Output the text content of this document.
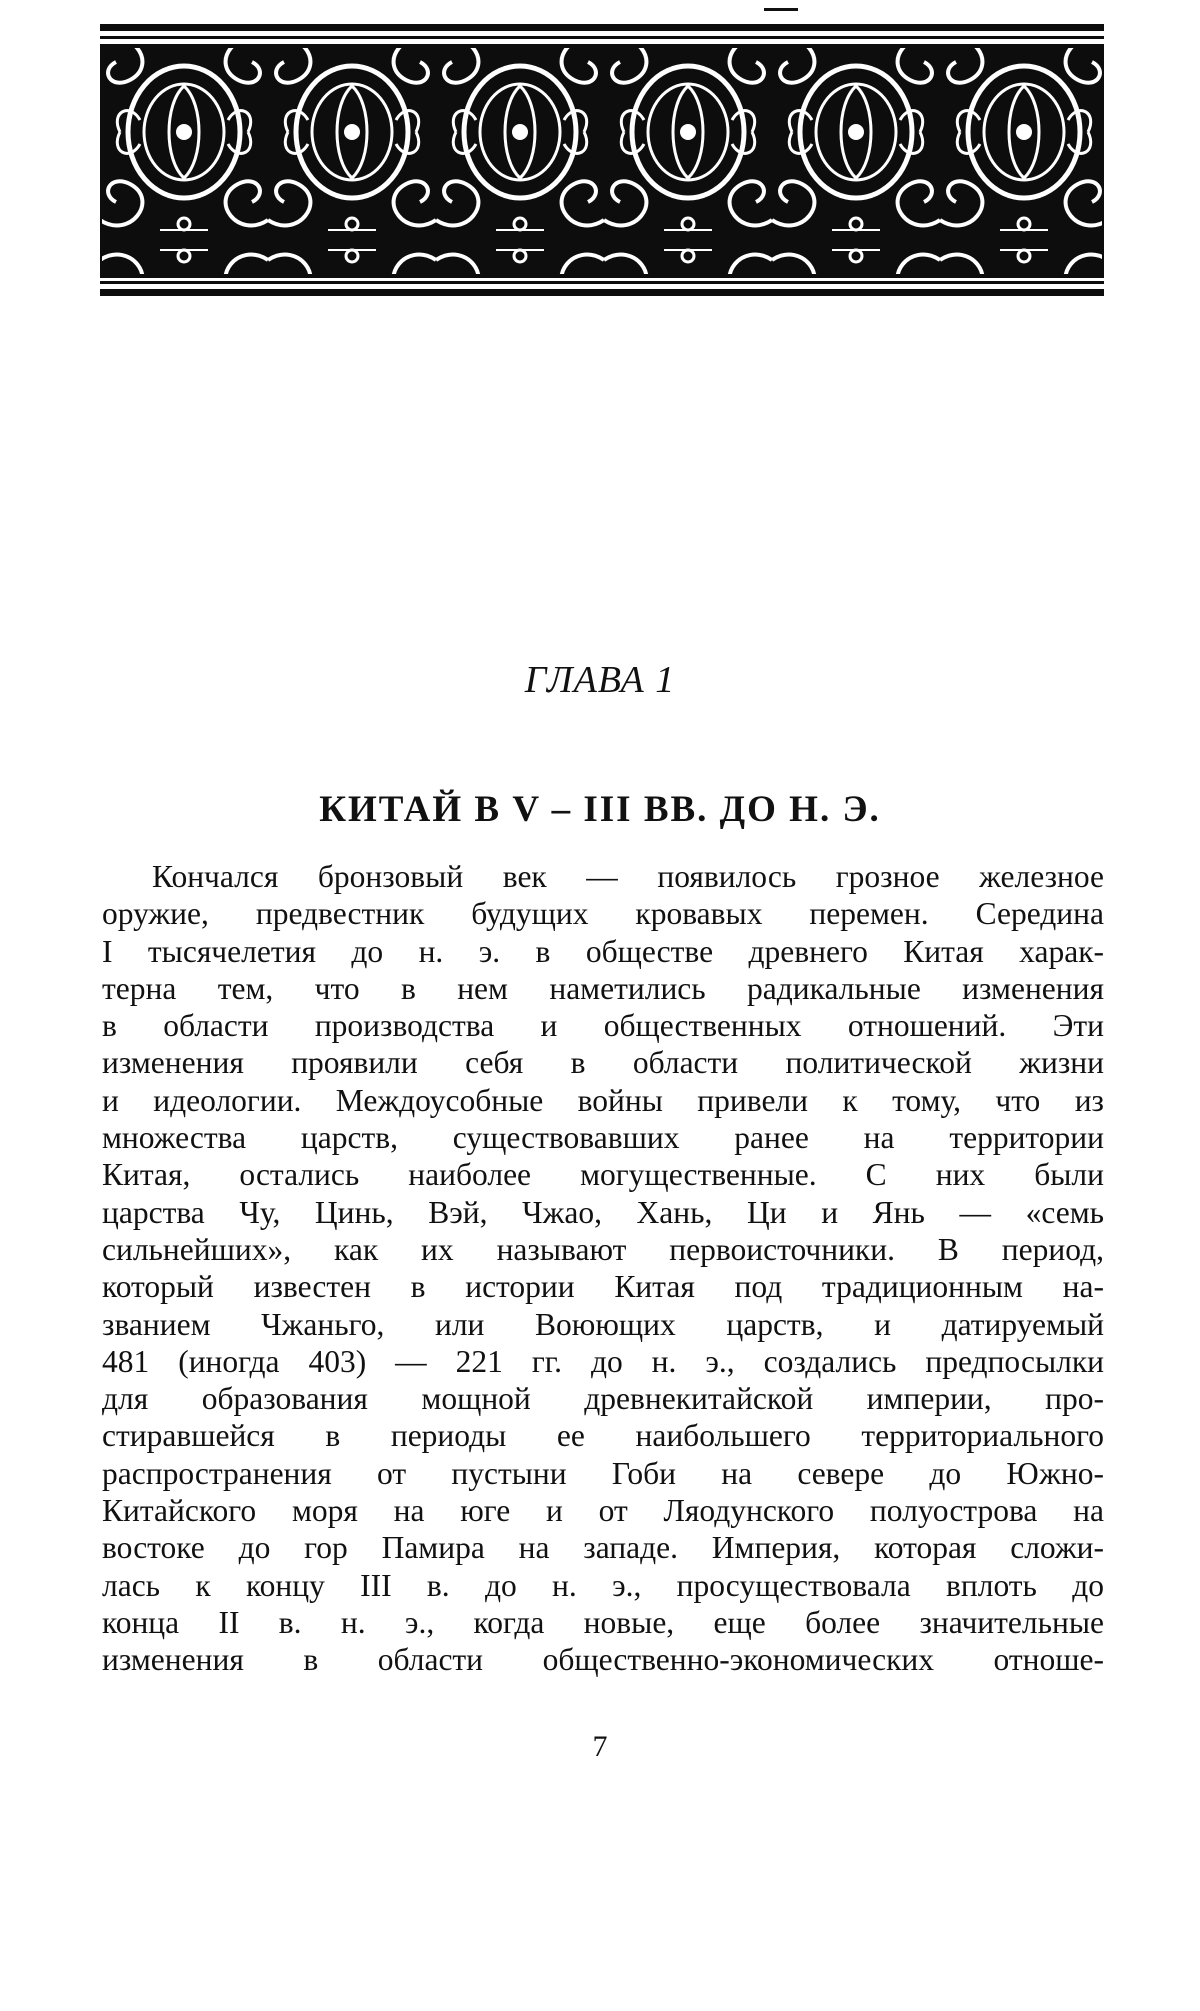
ГЛАВА 1
КИТАЙ В V – III ВВ. ДО Н. Э.
Кончался бронзовый век — появилось грозное железное
оружие, предвестник будущих кровавых перемен. Середина
I тысячелетия до н. э. в обществе древнего Китая харак-
терна тем, что в нем наметились радикальные изменения
в области производства и общественных отношений. Эти
изменения проявили себя в области политической жизни
и идеологии. Междоусобные войны привели к тому, что из
множества царств, существовавших ранее на территории
Китая, остались наиболее могущественные. С них были
царства Чу, Цинь, Вэй, Чжао, Хань, Ци и Янь — «семь
сильнейших», как их называют первоисточники. В период,
который известен в истории Китая под традиционным на-
званием Чжаньго, или Воюющих царств, и датируемый
481 (иногда 403) — 221 гг. до н. э., создались предпосылки
для образования мощной древнекитайской империи, про-
стиравшейся в периоды ее наибольшего территориального
распространения от пустыни Гоби на севере до Южно-
Китайского моря на юге и от Ляодунского полуострова на
востоке до гор Памира на западе. Империя, которая сложи-
лась к концу III в. до н. э., просуществовала вплоть до
конца II в. н. э., когда новые, еще более значительные
изменения в области общественно-экономических отноше-
7
